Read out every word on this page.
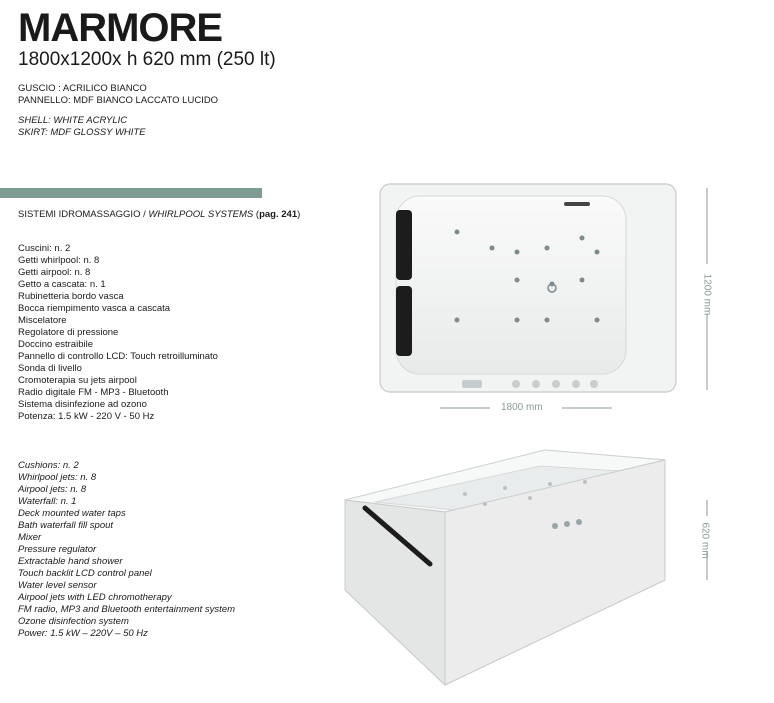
MARMORE
1800x1200x h 620 mm (250 lt)
GUSCIO : ACRILICO BIANCO
PANNELLO: MDF BIANCO LACCATO LUCIDO
SHELL: WHITE ACRYLIC
SKIRT: MDF GLOSSY WHITE
SISTEMI IDROMASSAGGIO / WHIRLPOOL SYSTEMS (pag. 241)
Cuscini: n. 2
Getti whirlpool: n. 8
Getti airpool: n. 8
Getto a cascata: n. 1
Rubinetteria bordo vasca
Bocca riempimento vasca a cascata
Miscelatore
Regolatore di pressione
Doccino estraibile
Pannello di controllo LCD: Touch retroilluminato
Sonda di livello
Cromoterapia su jets airpool
Radio digitale FM - MP3 - Bluetooth
Sistema disinfezione ad ozono
Potenza: 1.5 kW - 220 V - 50 Hz
Cushions: n. 2
Whirlpool jets: n. 8
Airpool jets: n. 8
Waterfall: n. 1
Deck mounted water taps
Bath waterfall fill spout
Mixer
Pressure regulator
Extractable hand shower
Touch backlit LCD control panel
Water level sensor
Airpool jets with LED chromotherapy
FM radio, MP3 and Bluetooth entertainment system
Ozone disinfection system
Power: 1.5 kW – 220V – 50 Hz
1800 mm
1200 mm
620 mm
